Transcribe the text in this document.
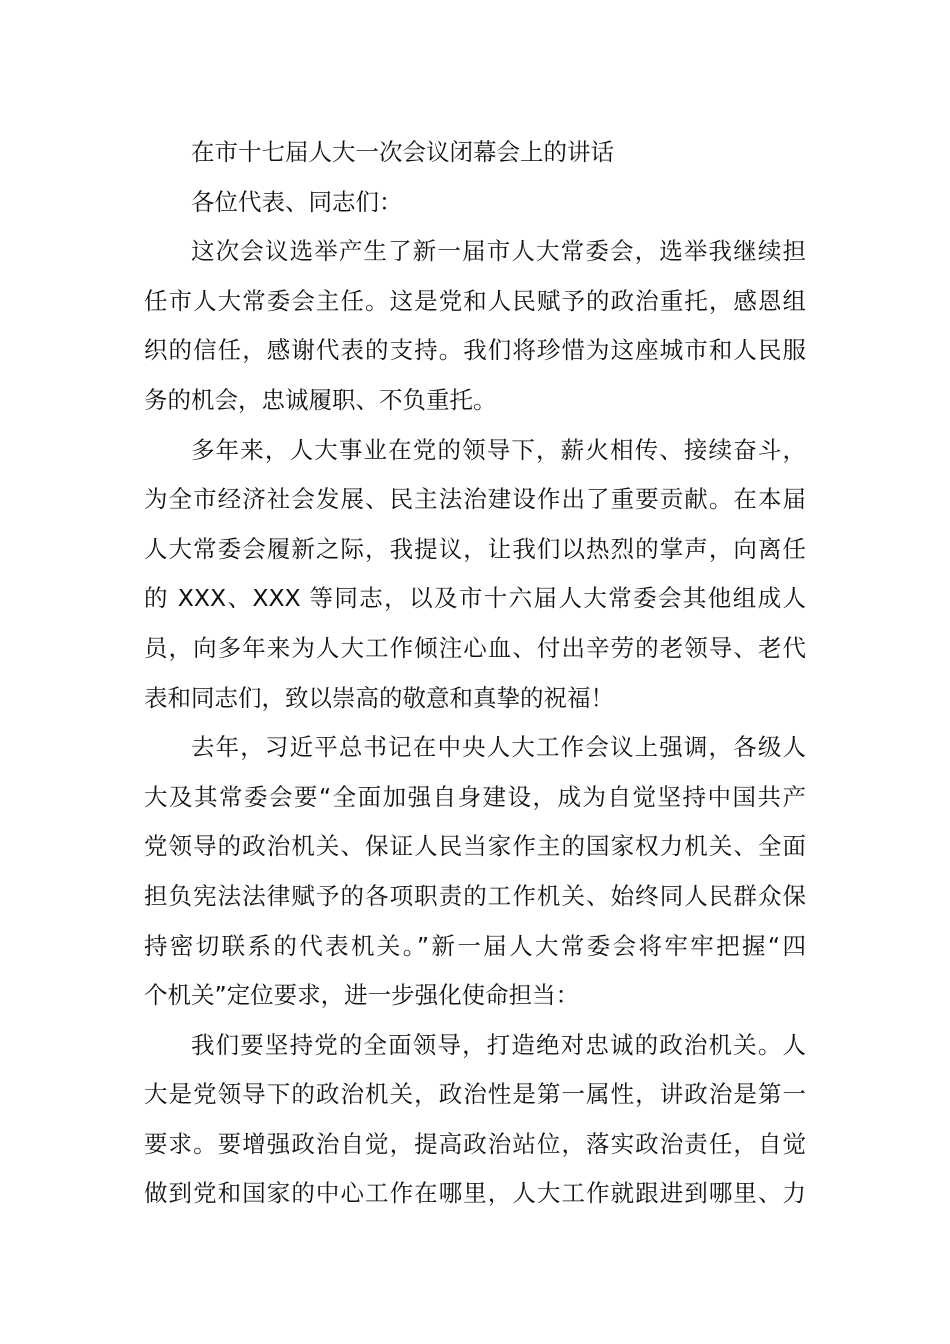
在市十七届人大一次会议闭幕会上的讲话
各位代表、同志们：
这次会议选举产生了新一届市人大常委会，选举我继续担
任市人大常委会主任。这是党和人民赋予的政治重托，感恩组
织的信任，感谢代表的支持。我们将珍惜为这座城市和人民服
务的机会，忠诚履职、不负重托。
多年来，人大事业在党的领导下，薪火相传、接续奋斗，
为全市经济社会发展、民主法治建设作出了重要贡献。在本届
人大常委会履新之际，我提议，让我们以热烈的掌声，向离任
的 XXX、XXX 等同志，以及市十六届人大常委会其他组成人
员，向多年来为人大工作倾注心血、付出辛劳的老领导、老代
表和同志们，致以崇高的敬意和真挚的祝福！
去年，习近平总书记在中央人大工作会议上强调，各级人
大及其常委会要“全面加强自身建设，成为自觉坚持中国共产
党领导的政治机关、保证人民当家作主的国家权力机关、全面
担负宪法法律赋予的各项职责的工作机关、始终同人民群众保
持密切联系的代表机关。”新一届人大常委会将牢牢把握“四
个机关”定位要求，进一步强化使命担当：
我们要坚持党的全面领导，打造绝对忠诚的政治机关。人
大是党领导下的政治机关，政治性是第一属性，讲政治是第一
要求。要增强政治自觉，提高政治站位，落实政治责任，自觉
做到党和国家的中心工作在哪里，人大工作就跟进到哪里、力
